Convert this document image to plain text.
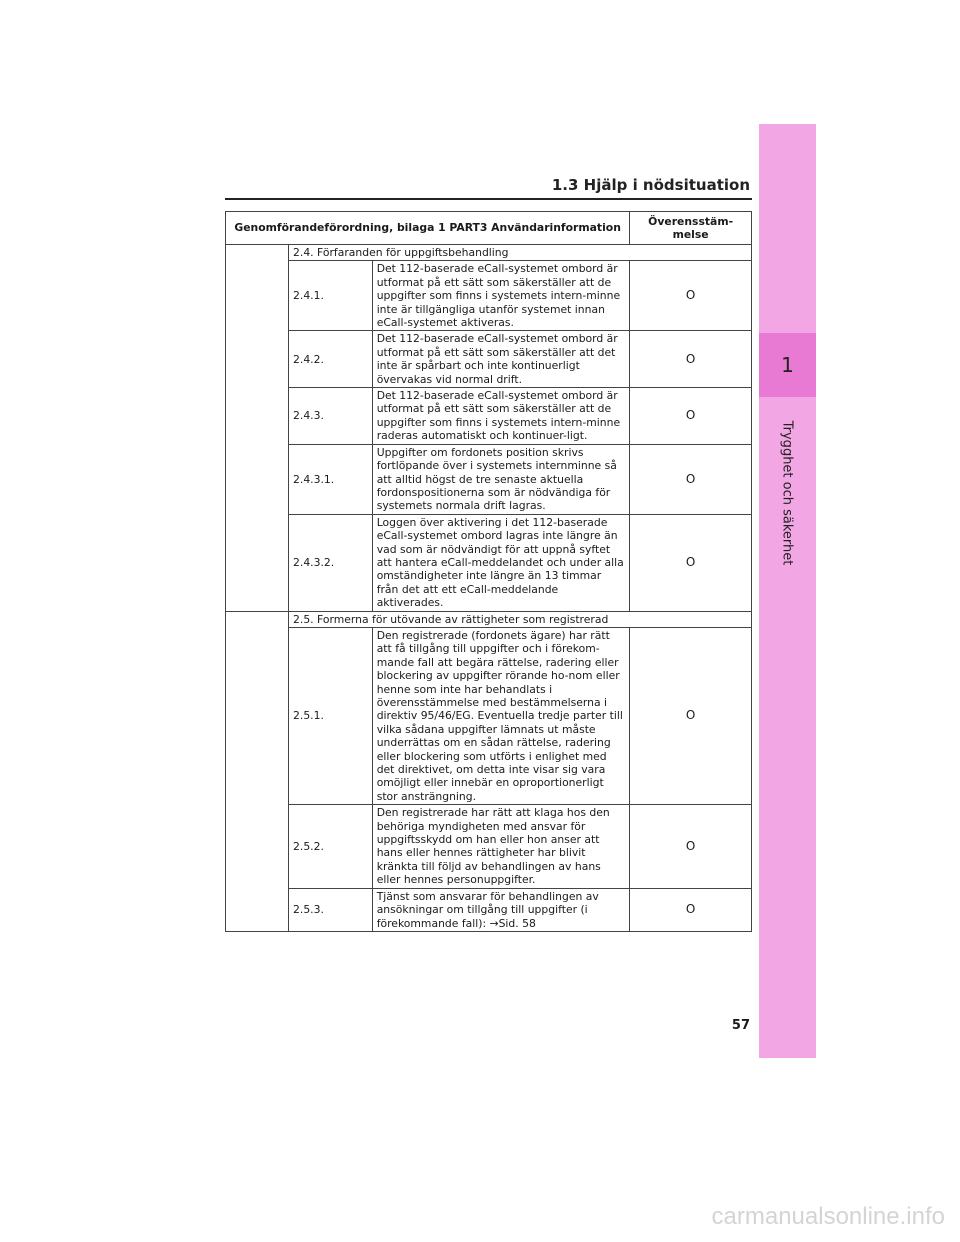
1
Trygghet och säkerhet
1.3 Hjälp i nödsituation
Genomförandeförordning, bilaga 1 PART3 Användarinformation			Överensstäm-melse
	2.4. Förfaranden för uppgiftsbehandling		
	2.4.1.	Det 112-baserade eCall-systemet ombord är utformat på ett sätt som säkerställer att de uppgifter som finns i systemets intern-minne inte är tillgängliga utanför systemet innan eCall-systemet aktiveras.	O
	2.4.2.	Det 112-baserade eCall-systemet ombord är utformat på ett sätt som säkerställer att det inte är spårbart och inte kontinuerligt övervakas vid normal drift.	O
	2.4.3.	Det 112-baserade eCall-systemet ombord är utformat på ett sätt som säkerställer att de uppgifter som finns i systemets intern-minne raderas automatiskt och kontinuer-ligt.	O
	2.4.3.1.	Uppgifter om fordonets position skrivs fortlöpande över i systemets internminne så att alltid högst de tre senaste aktuella fordonspositionerna som är nödvändiga för systemets normala drift lagras.	O
	2.4.3.2.	Loggen över aktivering i det 112-baserade eCall-systemet ombord lagras inte längre än vad som är nödvändigt för att uppnå syftet att hantera eCall-meddelandet och under alla omständigheter inte längre än 13 timmar från det att ett eCall-meddelande aktiverades.	O
	2.5. Formerna för utövande av rättigheter som registrerad		
	2.5.1.	Den registrerade (fordonets ägare) har rätt att få tillgång till uppgifter och i förekom-mande fall att begära rättelse, radering eller blockering av uppgifter rörande ho-nom eller henne som inte har behandlats i överensstämmelse med bestämmelserna i direktiv 95/46/EG. Eventuella tredje parter till vilka sådana uppgifter lämnats ut måste underrättas om en sådan rättelse, radering eller blockering som utförts i enlighet med det direktivet, om detta inte visar sig vara omöjligt eller innebär en oproportionerligt stor ansträngning.	O
	2.5.2.	Den registrerade har rätt att klaga hos den behöriga myndigheten med ansvar för uppgiftsskydd om han eller hon anser att hans eller hennes rättigheter har blivit kränkta till följd av behandlingen av hans eller hennes personuppgifter.	O
	2.5.3.	Tjänst som ansvarar för behandlingen av ansökningar om tillgång till uppgifter (i förekommande fall): →Sid. 58	O
57
carmanualsonline.info
